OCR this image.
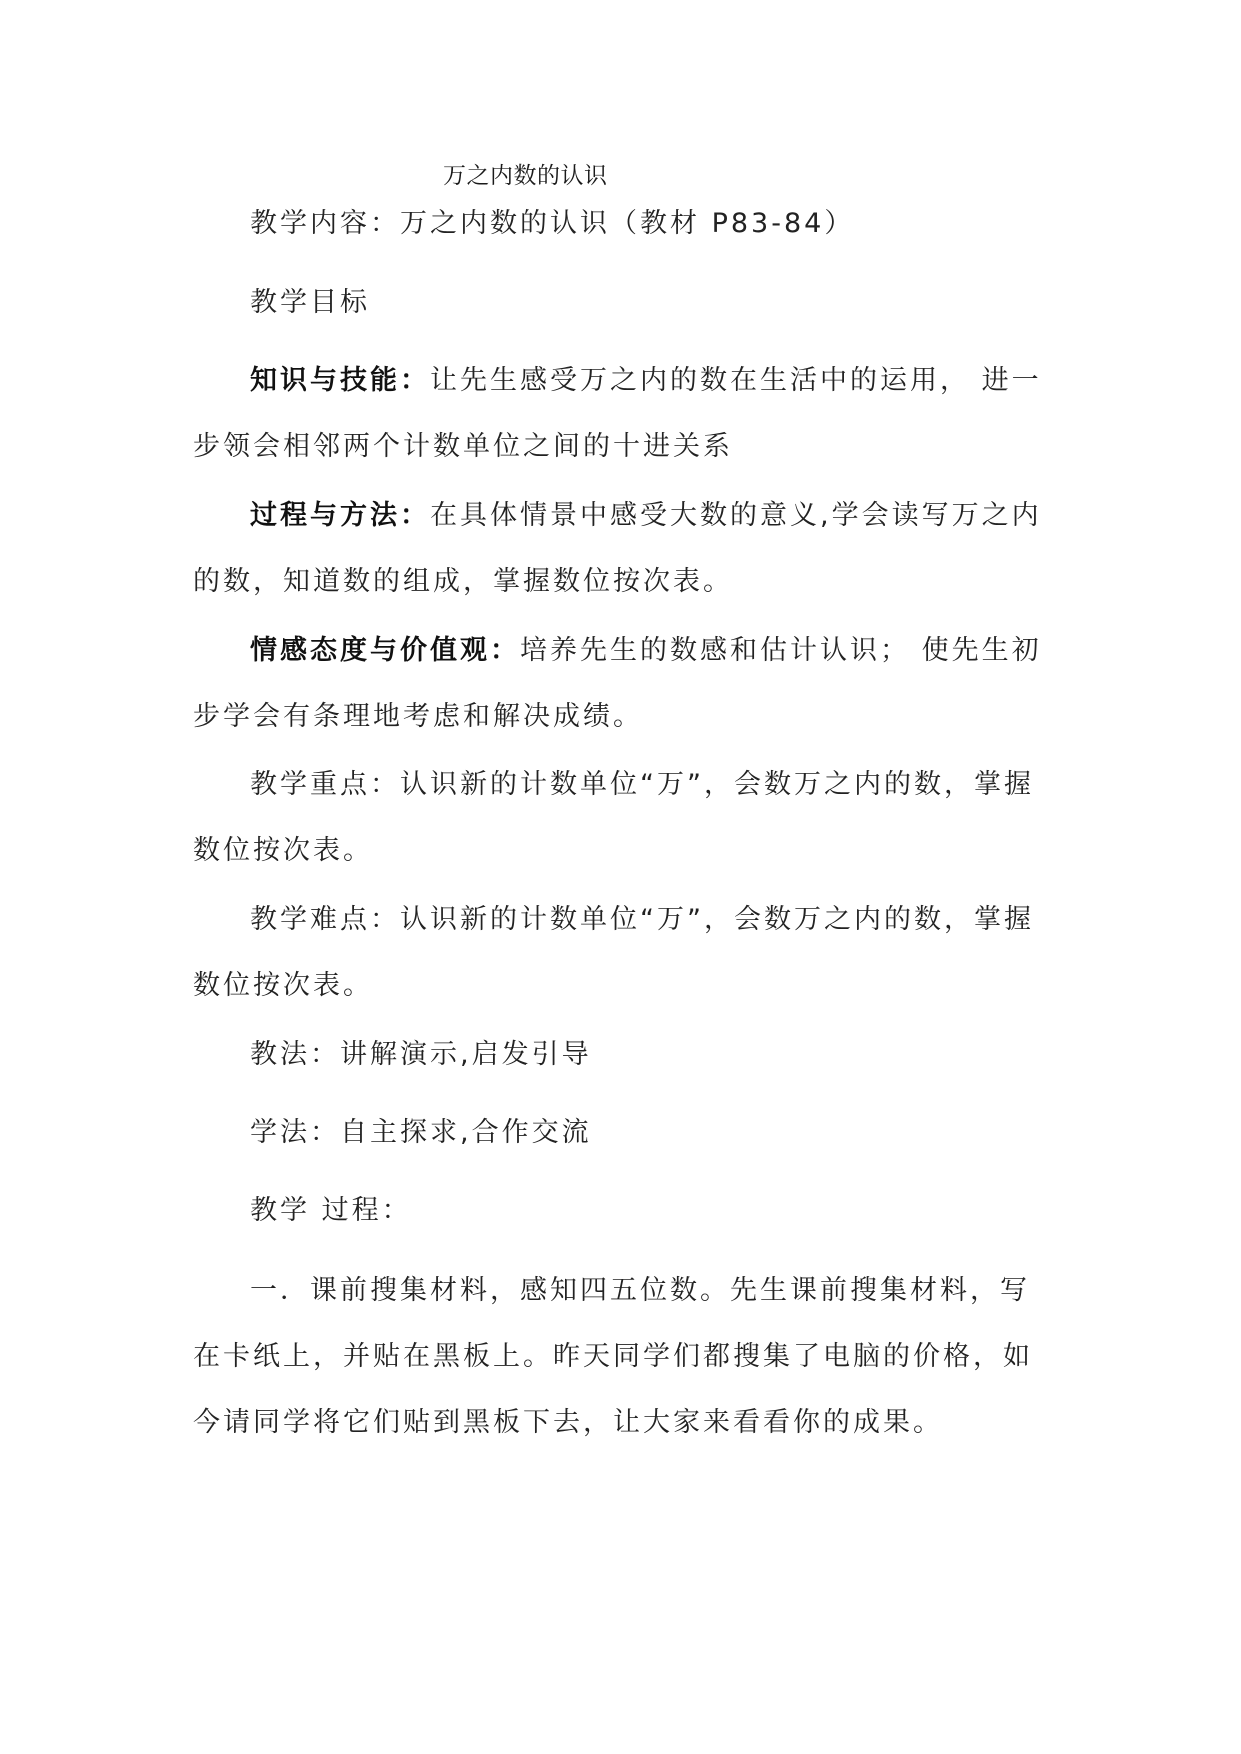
万之内数的认识
教学内容：万之内数的认识（教材 P83-84）
教学目标
知识与技能：让先生感受万之内的数在生活中的运用， 进一步领会相邻两个计数单位之间的十进关系
过程与方法：在具体情景中感受大数的意义,学会读写万之内的数，知道数的组成，掌握数位按次表。
情感态度与价值观：培养先生的数感和估计认识； 使先生初步学会有条理地考虑和解决成绩。
教学重点：认识新的计数单位“万”，会数万之内的数，掌握数位按次表。
教学难点：认识新的计数单位“万”，会数万之内的数，掌握数位按次表。
教法：讲解演示,启发引导
学法：自主探求,合作交流
教学 过程：
一．课前搜集材料，感知四五位数。先生课前搜集材料，写在卡纸上，并贴在黑板上。昨天同学们都搜集了电脑的价格，如今请同学将它们贴到黑板下去，让大家来看看你的成果。
